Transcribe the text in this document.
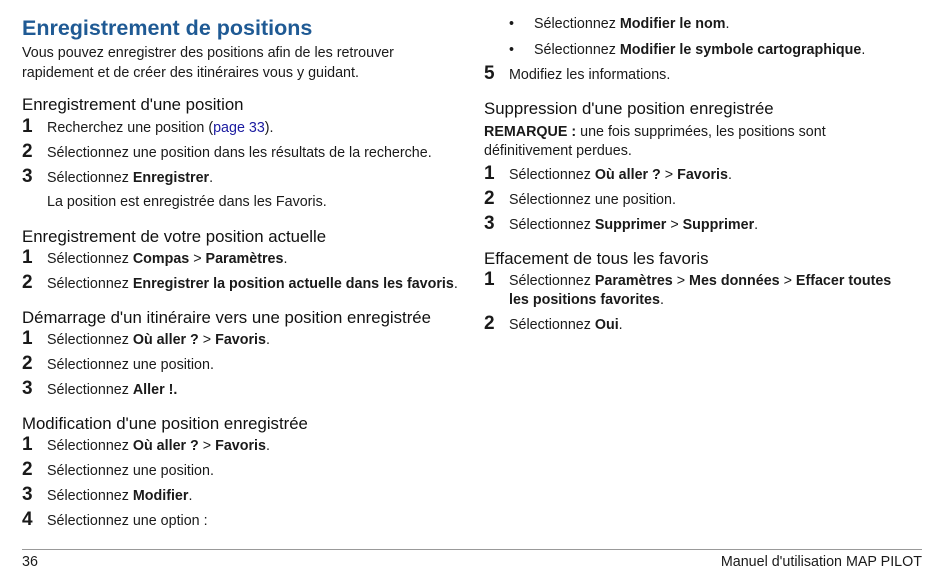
Enregistrement de positions
Vous pouvez enregistrer des positions afin de les retrouver rapidement et de créer des itinéraires vous y guidant.
Enregistrement d'une position
1 Recherchez une position (page 33).
2 Sélectionnez une position dans les résultats de la recherche.
3 Sélectionnez Enregistrer.
La position est enregistrée dans les Favoris.
Enregistrement de votre position actuelle
1 Sélectionnez Compas > Paramètres.
2 Sélectionnez Enregistrer la position actuelle dans les favoris.
Démarrage d'un itinéraire vers une position enregistrée
1 Sélectionnez Où aller ? > Favoris.
2 Sélectionnez une position.
3 Sélectionnez Aller !.
Modification d'une position enregistrée
1 Sélectionnez Où aller ? > Favoris.
2 Sélectionnez une position.
3 Sélectionnez Modifier.
4 Sélectionnez une option :
• Sélectionnez Modifier le nom.
• Sélectionnez Modifier le symbole cartographique.
5 Modifiez les informations.
Suppression d'une position enregistrée
REMARQUE : une fois supprimées, les positions sont définitivement perdues.
1 Sélectionnez Où aller ? > Favoris.
2 Sélectionnez une position.
3 Sélectionnez Supprimer > Supprimer.
Effacement de tous les favoris
1 Sélectionnez Paramètres > Mes données > Effacer toutes les positions favorites.
2 Sélectionnez Oui.
36	Manuel d'utilisation MAP PILOT
